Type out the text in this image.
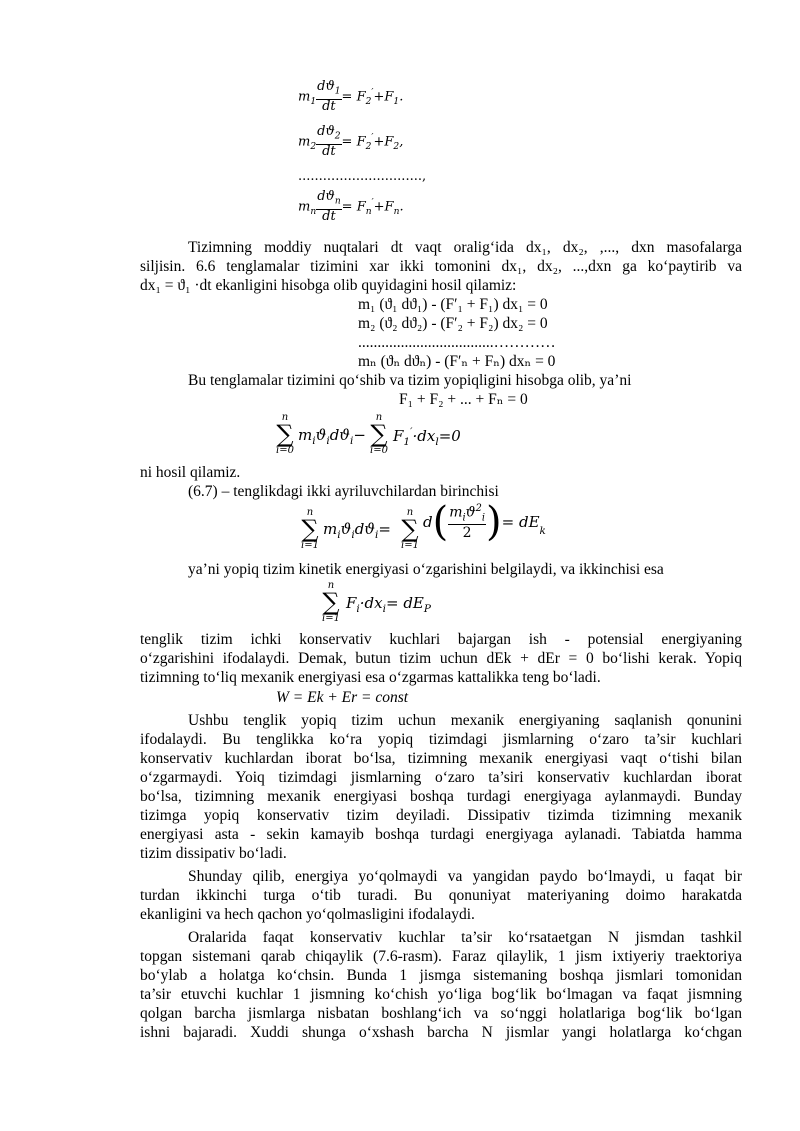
$m_1 \frac{dϑ_1}{dt} = F_2'+F_1$.
$m_2 \frac{dϑ_2}{dt} = F_2'+F_2$,
..............................,
$m_n \frac{dϑ_n}{dt} = F_n'+F_n$.
Tizimning moddiy nuqtalari dt vaqt oralig‘ida dx₁, dx₂, ,..., dxn masofalarga
siljisin. 6.6 tenglamalar tizimini xar ikki tomonini dx₁, dx₂, ...,dxn ga ko‘paytirib va
dx₁ = ϑ₁ ·dt ekanligini hisobga olib quyidagini hosil qilamiz:
m₁ (ϑ₁ dϑ₁) - (F′₁ + F₁) dx₁ = 0
m₂ (ϑ₂ dϑ₂) - (F′₂ + F₂) dx₂ = 0
...................................…………
mₙ (ϑₙ dϑₙ) - (F′ₙ + Fₙ) dxₙ = 0
Bu tenglamalar tizimini qo‘shib va tizim yopiqligini hisobga olib, ya’ni
F₁ + F₂ + ... + Fₙ = 0
n
∑
i=0
$m_iϑ_idϑ_i-$
n
∑
i=0
$F_1'\cdot dx_l=0$
ni hosil qilamiz.
(6.7) – tenglikdagi ikki ayriluvchilardan birinchisi
n
∑
i=1
$m_iϑ_idϑ_i=$
n
∑
i=1
$d( \frac{m_iϑ^2_i}{2}$ )= $dE_k$
ya’ni yopiq tizim kinetik energiyasi o‘zgarishini belgilaydi, va ikkinchisi esa
n
∑
i=1
$F_i\cdot dx_i= dE_P$
tenglik tizim ichki konservativ kuchlari bajargan ish - potensial energiyaning
o‘zgarishini ifodalaydi. Demak, butun tizim uchun dEk + dEr = 0 bo‘lishi kerak. Yopiq
tizimning to‘liq mexanik energiyasi esa o‘zgarmas kattalikka teng bo‘ladi.
W = Ek + Er = const
Ushbu tenglik yopiq tizim uchun mexanik energiyaning saqlanish qonunini
ifodalaydi. Bu tenglikka ko‘ra yopiq tizimdagi jismlarning o‘zaro ta’sir kuchlari
konservativ kuchlardan iborat bo‘lsa, tizimning mexanik energiyasi vaqt o‘tishi bilan
o‘zgarmaydi. Yoiq tizimdagi jismlarning o‘zaro ta’siri konservativ kuchlardan iborat
bo‘lsa, tizimning mexanik energiyasi boshqa turdagi energiyaga aylanmaydi. Bunday
tizimga yopiq konservativ tizim deyiladi. Dissipativ tizimda tizimning mexanik
energiyasi asta - sekin kamayib boshqa turdagi energiyaga aylanadi. Tabiatda hamma
tizim dissipativ bo‘ladi.
Shunday qilib, energiya yo‘qolmaydi va yangidan paydo bo‘lmaydi, u faqat bir
turdan ikkinchi turga o‘tib turadi. Bu qonuniyat materiyaning doimo harakatda
ekanligini va hech qachon yo‘qolmasligini ifodalaydi.
Oralarida faqat konservativ kuchlar ta’sir ko‘rsataetgan N jismdan tashkil
topgan sistemani qarab chiqaylik (7.6-rasm). Faraz qilaylik, 1 jism ixtiyeriy traektoriya
bo‘ylab a holatga ko‘chsin. Bunda 1 jismga sistemaning boshqa jismlari tomonidan
ta’sir etuvchi kuchlar 1 jismning ko‘chish yo‘liga bog‘lik bo‘lmagan va faqat jismning
qolgan barcha jismlarga nisbatan boshlang‘ich va so‘nggi holatlariga bog‘lik bo‘lgan
ishni bajaradi. Xuddi shunga o‘xshash barcha N jismlar yangi holatlarga ko‘chgan
